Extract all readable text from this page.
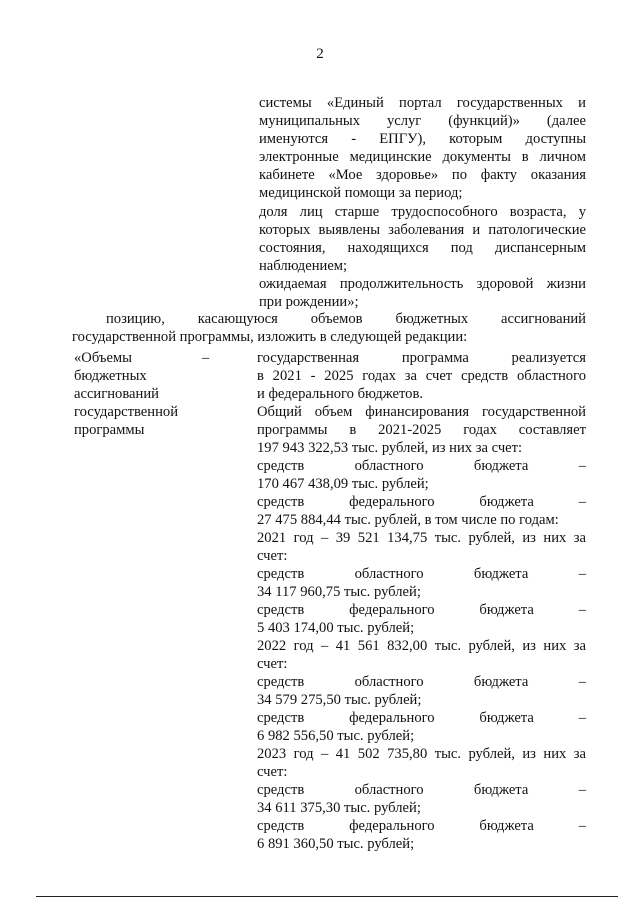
2
системы «Единый портал государственных и
муниципальных услуг (функций)» (далее
именуются - ЕПГУ), которым доступны
электронные медицинские документы в личном
кабинете «Мое здоровье» по факту оказания
медицинской помощи за период;
доля лиц старше трудоспособного возраста, у
которых выявлены заболевания и патологические
состояния, находящихся под диспансерным
наблюдением;
ожидаемая продолжительность здоровой жизни
при рождении»;
позицию, касающуюся объемов бюджетных ассигнований
государственной программы, изложить в следующей редакции:
«Объемы
бюджетных
ассигнований
государственной
программы
–	государственная программа реализуется
в 2021 - 2025 годах за счет средств областного
и федерального бюджетов.
Общий объем финансирования государственной
программы в 2021-2025 годах составляет
197 943 322,53 тыс. рублей, из них за счет:
средств областного бюджета –
170 467 438,09 тыс. рублей;
средств федерального бюджета –
27 475 884,44 тыс. рублей, в том числе по годам:
2021 год – 39 521 134,75 тыс. рублей, из них за
счет:
средств областного бюджета –
34 117 960,75 тыс. рублей;
средств федерального бюджета –
5 403 174,00 тыс. рублей;
2022 год – 41 561 832,00 тыс. рублей, из них за
счет:
средств областного бюджета –
34 579 275,50 тыс. рублей;
средств федерального бюджета –
6 982 556,50 тыс. рублей;
2023 год – 41 502 735,80 тыс. рублей, из них за
счет:
средств областного бюджета –
34 611 375,30 тыс. рублей;
средств федерального бюджета –
6 891 360,50 тыс. рублей;
